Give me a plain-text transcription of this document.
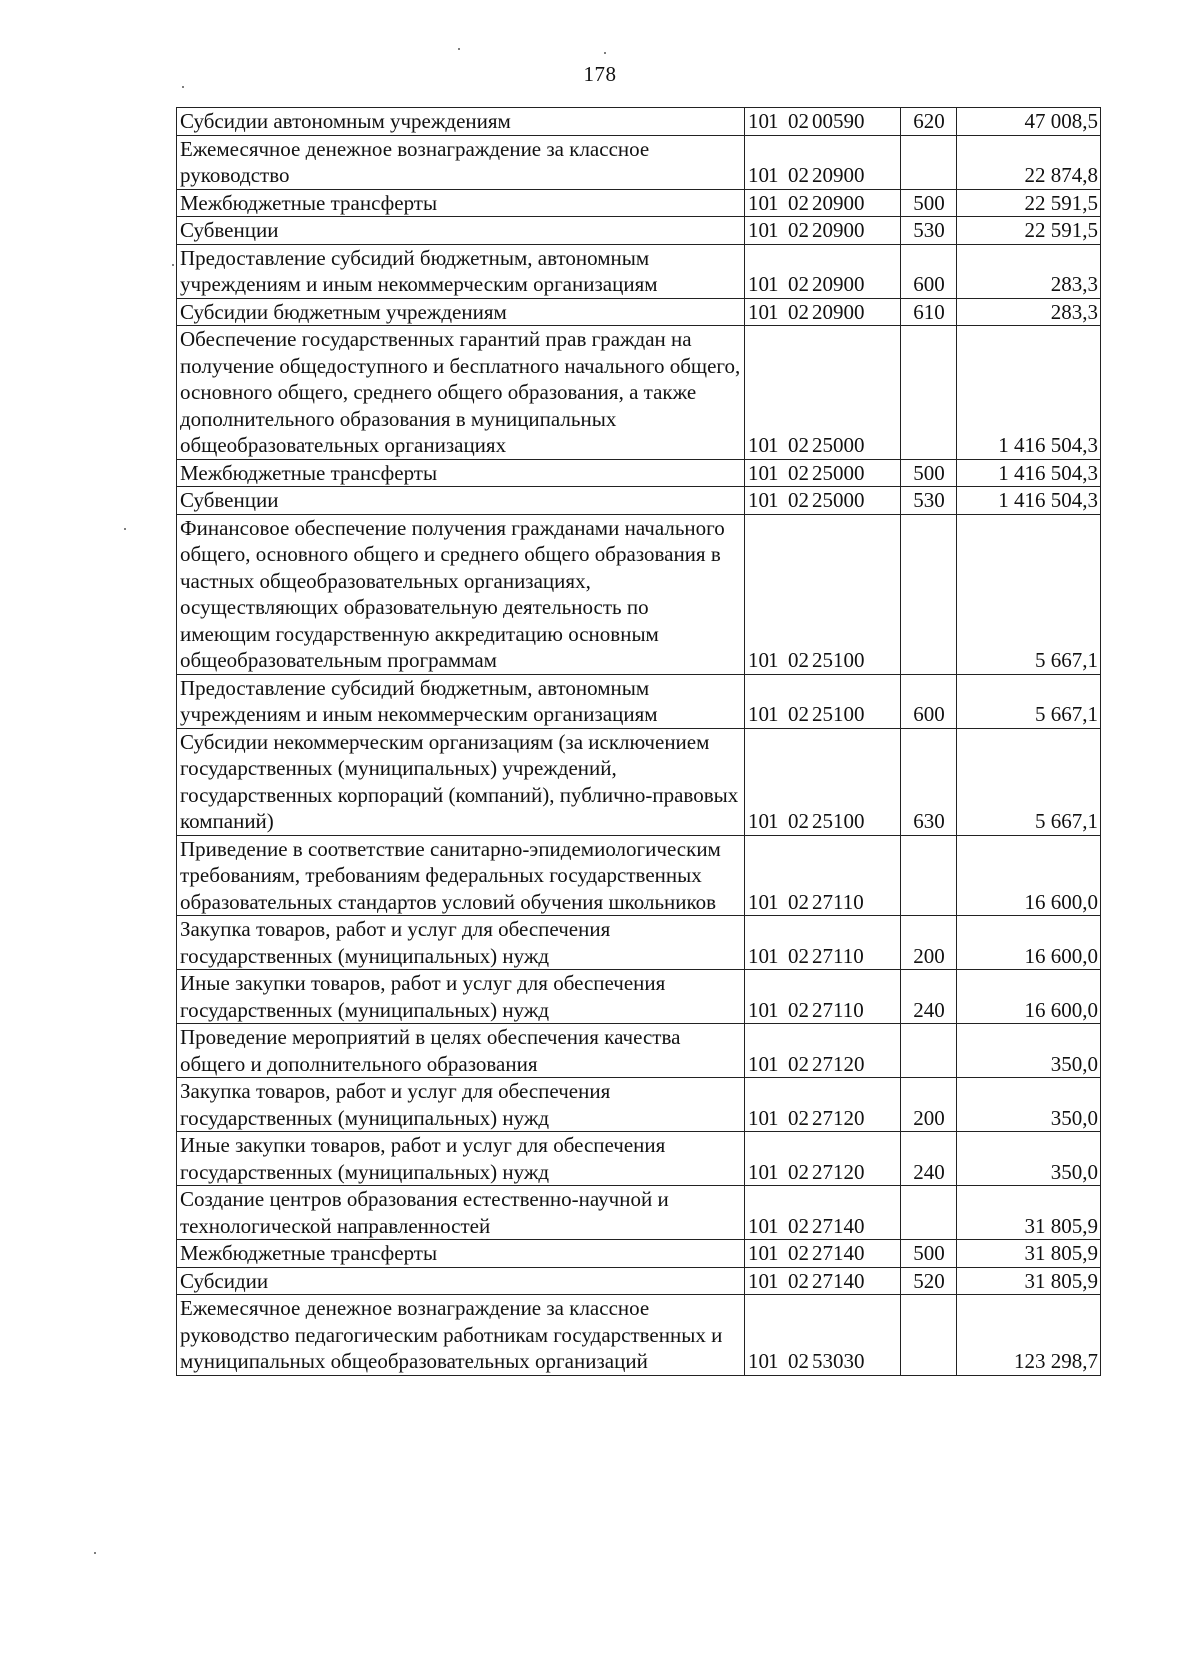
178
Субсидии автономным учреждениям	101 02 00590	620	47 008,5
Ежемесячное денежное вознаграждение за классное руководство	101 02 20900		22 874,8
Межбюджетные трансферты	101 02 20900	500	22 591,5
Субвенции	101 02 20900	530	22 591,5
Предоставление субсидий бюджетным, автономным учреждениям и иным некоммерческим организациям	101 02 20900	600	283,3
Субсидии бюджетным учреждениям	101 02 20900	610	283,3
Обеспечение государственных гарантий прав граждан на получение общедоступного и бесплатного начального общего, основного общего, среднего общего образования, а также дополнительного образования в муниципальных общеобразовательных организациях	101 02 25000		1 416 504,3
Межбюджетные трансферты	101 02 25000	500	1 416 504,3
Субвенции	101 02 25000	530	1 416 504,3
Финансовое обеспечение получения гражданами начального общего, основного общего и среднего общего образования в частных общеобразовательных организациях, осуществляющих образовательную деятельность по имеющим государственную аккредитацию основным общеобразовательным программам	101 02 25100		5 667,1
Предоставление субсидий бюджетным, автономным учреждениям и иным некоммерческим организациям	101 02 25100	600	5 667,1
Субсидии некоммерческим организациям (за исключением государственных (муниципальных) учреждений, государственных корпораций (компаний), публично-правовых компаний)	101 02 25100	630	5 667,1
Приведение в соответствие санитарно-эпидемиологическим требованиям, требованиям федеральных государственных образовательных стандартов условий обучения школьников	101 02 27110		16 600,0
Закупка товаров, работ и услуг для обеспечения государственных (муниципальных) нужд	101 02 27110	200	16 600,0
Иные закупки товаров, работ и услуг для обеспечения государственных (муниципальных) нужд	101 02 27110	240	16 600,0
Проведение мероприятий в целях обеспечения качества общего и дополнительного образования	101 02 27120		350,0
Закупка товаров, работ и услуг для обеспечения государственных (муниципальных) нужд	101 02 27120	200	350,0
Иные закупки товаров, работ и услуг для обеспечения государственных (муниципальных) нужд	101 02 27120	240	350,0
Создание центров образования естественно-научной и технологической направленностей	101 02 27140		31 805,9
Межбюджетные трансферты	101 02 27140	500	31 805,9
Субсидии	101 02 27140	520	31 805,9
Ежемесячное денежное вознаграждение за классное руководство педагогическим работникам государственных и муниципальных общеобразовательных организаций	101 02 53030		123 298,7
